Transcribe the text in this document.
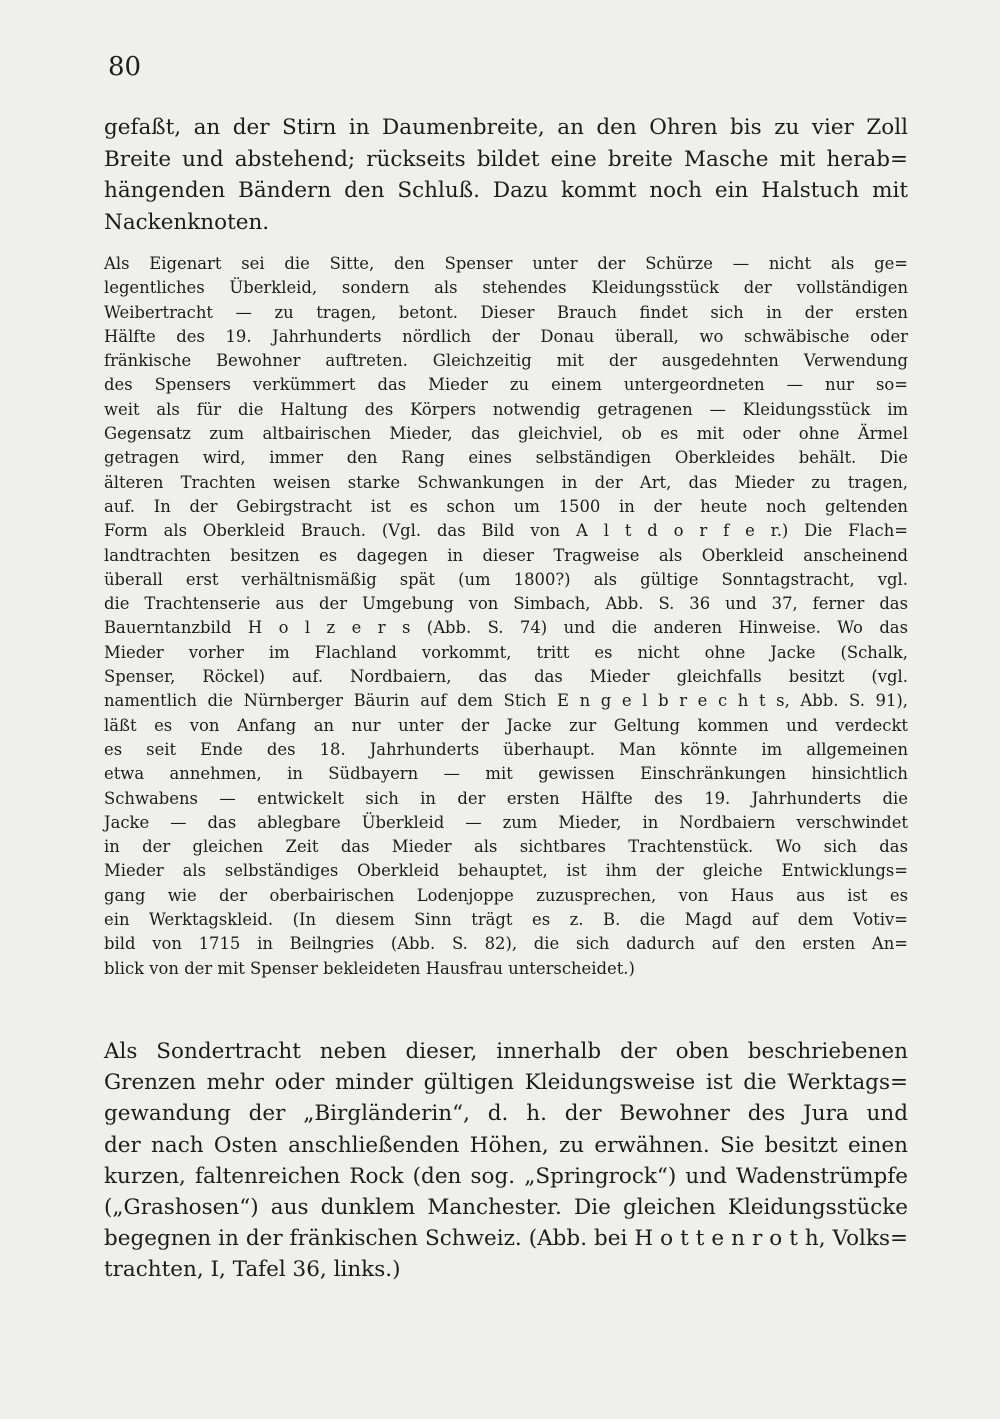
80

gefaßt, an der Stirn in Daumenbreite, an den Ohren bis zu vier Zoll
Breite und abstehend; rückseits bildet eine breite Masche mit herab=
hängenden Bändern den Schluß. Dazu kommt noch ein Halstuch mit
Nackenknoten.

Als Eigenart sei die Sitte, den Spenser unter der Schürze — nicht als ge=
legentliches Überkleid, sondern als stehendes Kleidungsstück der vollständigen
Weibertracht — zu tragen, betont. Dieser Brauch findet sich in der ersten
Hälfte des 19. Jahrhunderts nördlich der Donau überall, wo schwäbische oder
fränkische Bewohner auftreten. Gleichzeitig mit der ausgedehnten Verwendung
des Spensers verkümmert das Mieder zu einem untergeordneten — nur so=
weit als für die Haltung des Körpers notwendig getragenen — Kleidungsstück im
Gegensatz zum altbairischen Mieder, das gleichviel, ob es mit oder ohne Ärmel
getragen wird, immer den Rang eines selbständigen Oberkleides behält. Die
älteren Trachten weisen starke Schwankungen in der Art, das Mieder zu tragen,
auf. In der Gebirgstracht ist es schon um 1500 in der heute noch geltenden
Form als Oberkleid Brauch. (Vgl. das Bild von A l t d o r f e r.) Die Flach=
landtrachten besitzen es dagegen in dieser Tragweise als Oberkleid anscheinend
überall erst verhältnismäßig spät (um 1800?) als gültige Sonntagstracht, vgl.
die Trachtenserie aus der Umgebung von Simbach, Abb. S. 36 und 37, ferner das
Bauerntanzbild H o l z e r s (Abb. S. 74) und die anderen Hinweise. Wo das
Mieder vorher im Flachland vorkommt, tritt es nicht ohne Jacke (Schalk,
Spenser, Röckel) auf. Nordbaiern, das das Mieder gleichfalls besitzt (vgl.
namentlich die Nürnberger Bäurin auf dem Stich E n g e l b r e c h t s, Abb. S. 91),
läßt es von Anfang an nur unter der Jacke zur Geltung kommen und verdeckt
es seit Ende des 18. Jahrhunderts überhaupt. Man könnte im allgemeinen
etwa annehmen, in Südbayern — mit gewissen Einschränkungen hinsichtlich
Schwabens — entwickelt sich in der ersten Hälfte des 19. Jahrhunderts die
Jacke — das ablegbare Überkleid — zum Mieder, in Nordbaiern verschwindet
in der gleichen Zeit das Mieder als sichtbares Trachtenstück. Wo sich das
Mieder als selbständiges Oberkleid behauptet, ist ihm der gleiche Entwicklungs=
gang wie der oberbairischen Lodenjoppe zuzusprechen, von Haus aus ist es
ein Werktagskleid. (In diesem Sinn trägt es z. B. die Magd auf dem Votiv=
bild von 1715 in Beilngries (Abb. S. 82), die sich dadurch auf den ersten An=
blick von der mit Spenser bekleideten Hausfrau unterscheidet.)

Als Sondertracht neben dieser, innerhalb der oben beschriebenen
Grenzen mehr oder minder gültigen Kleidungsweise ist die Werktags=
gewandung der „Birgländerin“, d. h. der Bewohner des Jura und
der nach Osten anschließenden Höhen, zu erwähnen. Sie besitzt einen
kurzen, faltenreichen Rock (den sog. „Springrock“) und Wadenstrümpfe
(„Grashosen“) aus dunklem Manchester. Die gleichen Kleidungsstücke
begegnen in der fränkischen Schweiz. (Abb. bei H o t t e n r o t h, Volks=
trachten, I, Tafel 36, links.)
